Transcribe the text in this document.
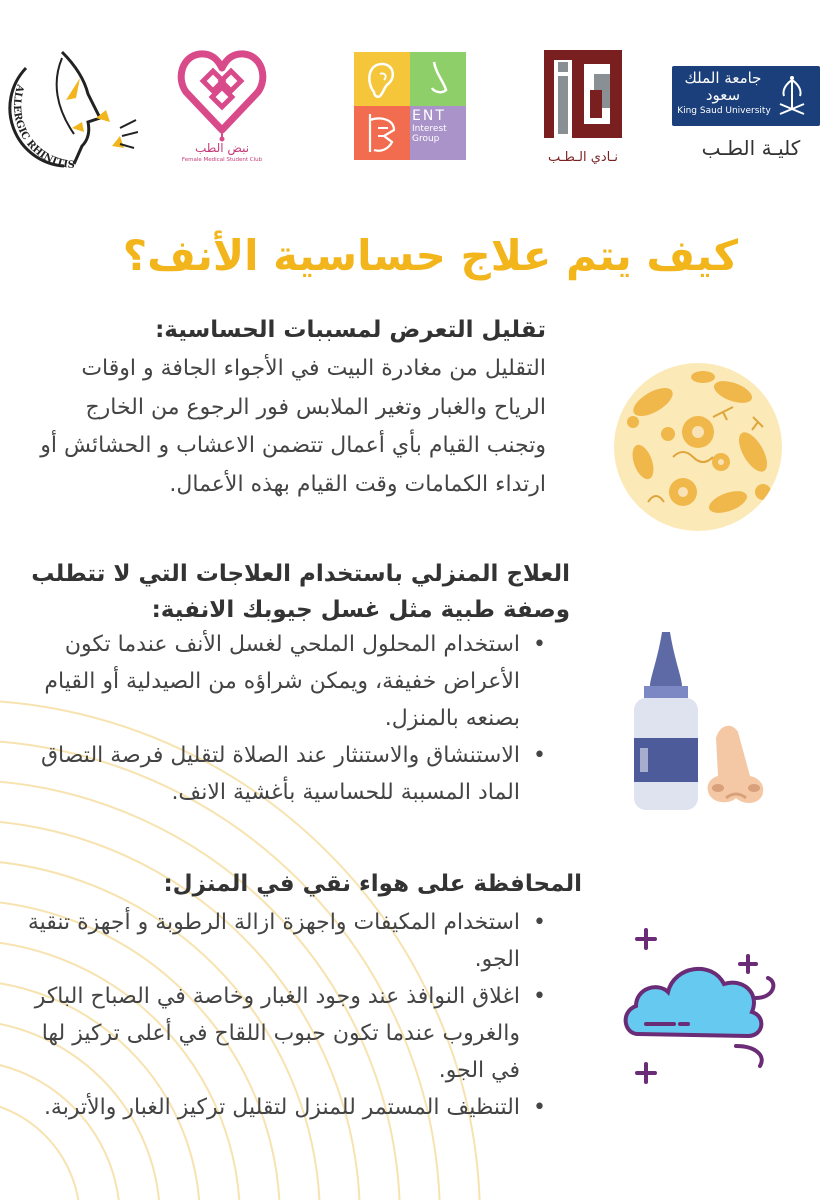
ALLERGIC RHINITIS
نبض الطب
Female Medical Student Club
ENT
Interest
Group
نـادي الـطـب
جامعة الملك سعود
King Saud University
كليـة الطـب
كيف يتم علاج حساسية الأنف؟
تقليل التعرض لمسببات الحساسية:
التقليل من مغادرة البيت في الأجواء الجافة و اوقات الرياح والغبار وتغير الملابس فور الرجوع من الخارج وتجنب القيام بأي أعمال تتضمن الاعشاب و الحشائش أو ارتداء الكمامات وقت القيام بهذه الأعمال.
العلاج المنزلي باستخدام العلاجات التي لا تتطلب وصفة طبية مثل غسل جيوبك الانفية:
• استخدام المحلول الملحي لغسل الأنف عندما تكون الأعراض خفيفة، ويمكن شراؤه من الصيدلية أو القيام بصنعه بالمنزل.
• الاستنشاق والاستنثار عند الصلاة لتقليل فرصة التصاق الماد المسببة للحساسية بأغشية الانف.
المحافظة على هواء نقي في المنزل:
• استخدام المكيفات واجهزة ازالة الرطوبة و أجهزة تنقية الجو.
• اغلاق النوافذ عند وجود الغبار وخاصة في الصباح الباكر والغروب عندما تكون حبوب اللقاح في أعلى تركيز لها في الجو.
• التنظيف المستمر للمنزل لتقليل تركيز الغبار والأتربة.
